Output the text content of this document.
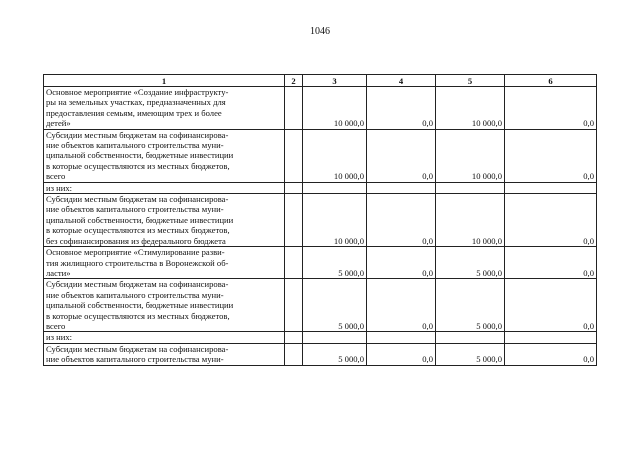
1046
1	2	3	4	5	6

Основное мероприятие «Создание инфраструкту-
ры на земельных участках, предназначенных для
предоставления семьям, имеющим трех и более
детей»		10 000,0	0,0	10 000,0	0,0

Субсидии местным бюджетам на софинансирова-
ние объектов капитального строительства муни-
ципальной собственности, бюджетные инвестиции
в которые осуществляются из местных бюджетов,
всего		10 000,0	0,0	10 000,0	0,0

из них:					

Субсидии местным бюджетам на софинансирова-
ние объектов капитального строительства муни-
ципальной собственности, бюджетные инвестиции
в которые осуществляются из местных бюджетов,
без софинансирования из федерального бюджета		10 000,0	0,0	10 000,0	0,0

Основное мероприятие «Стимулирование разви-
тия жилищного строительства в Воронежской об-
ласти»		5 000,0	0,0	5 000,0	0,0

Субсидии местным бюджетам на софинансирова-
ние объектов капитального строительства муни-
ципальной собственности, бюджетные инвестиции
в которые осуществляются из местных бюджетов,
всего		5 000,0	0,0	5 000,0	0,0

из них:					

Субсидии местным бюджетам на софинансирова-
ние объектов капитального строительства муни-		5 000,0	0,0	5 000,0	0,0
